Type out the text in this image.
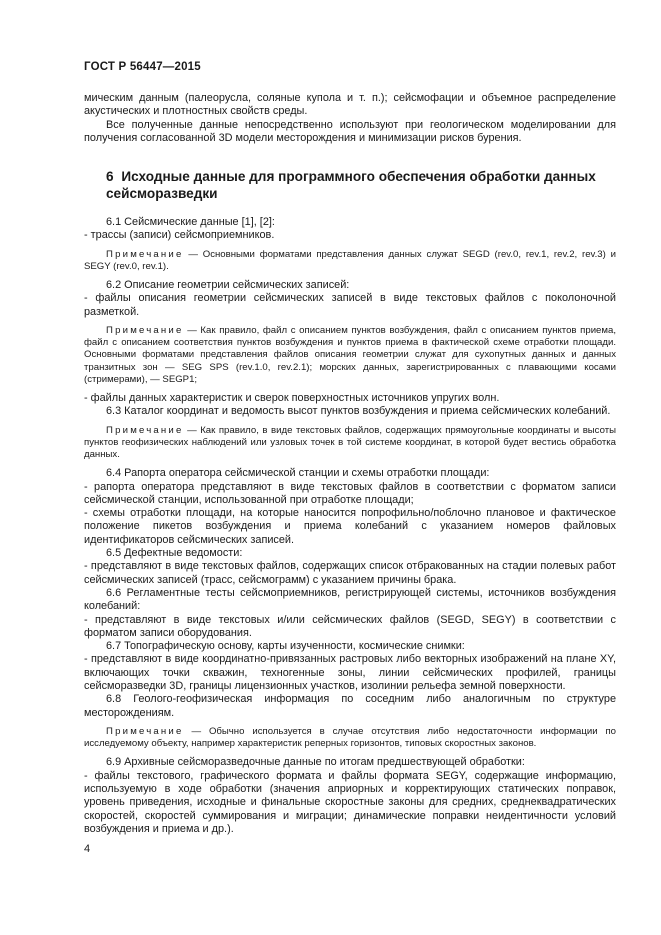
ГОСТ Р 56447—2015

мическим данным (палеорусла, соляные купола и т. п.); сейсмофации и объемное распределение акустических и плотностных свойств среды.

Все полученные данные непосредственно используют при геологическом моделировании для получения согласованной 3D модели месторождения и минимизации рисков бурения.

6 Исходные данные для программного обеспечения обработки данных сейсморазведки

6.1 Сейсмические данные [1], [2]:

- трассы (записи) сейсмоприемников.

Примечание — Основными форматами представления данных служат SEGD (rev.0, rev.1, rev.2, rev.3) и SEGY (rev.0, rev.1).

6.2 Описание геометрии сейсмических записей:

- файлы описания геометрии сейсмических записей в виде текстовых файлов с поколоночной разметкой.

Примечание — Как правило, файл с описанием пунктов возбуждения, файл с описанием пунктов приема, файл с описанием соответствия пунктов возбуждения и пунктов приема в фактической схеме отработки площади. Основными форматами представления файлов описания геометрии служат для сухопутных данных и данных транзитных зон — SEG SPS (rev.1.0, rev.2.1); морских данных, зарегистрированных с плавающими косами (стримерами), — SEGP1;

- файлы данных характеристик и сверок поверхностных источников упругих волн.

6.3 Каталог координат и ведомость высот пунктов возбуждения и приема сейсмических колебаний.

Примечание — Как правило, в виде текстовых файлов, содержащих прямоугольные координаты и высоты пунктов геофизических наблюдений или узловых точек в той системе координат, в которой будет вестись обработка данных.

6.4 Рапорта оператора сейсмической станции и схемы отработки площади:

- рапорта оператора представляют в виде текстовых файлов в соответствии с форматом записи сейсмической станции, использованной при отработке площади;

- схемы отработки площади, на которые наносится попрофильно/поблочно плановое и фактическое положение пикетов возбуждения и приема колебаний с указанием номеров файловых идентификаторов сейсмических записей.

6.5 Дефектные ведомости:

- представляют в виде текстовых файлов, содержащих список отбракованных на стадии полевых работ сейсмических записей (трасс, сейсмограмм) с указанием причины брака.

6.6 Регламентные тесты сейсмоприемников, регистрирующей системы, источников возбуждения колебаний:

- представляют в виде текстовых и/или сейсмических файлов (SEGD, SEGY) в соответствии с форматом записи оборудования.

6.7 Топографическую основу, карты изученности, космические снимки:

- представляют в виде координатно-привязанных растровых либо векторных изображений на плане XY, включающих точки скважин, техногенные зоны, линии сейсмических профилей, границы сейсморазведки 3D, границы лицензионных участков, изолинии рельефа земной поверхности.

6.8 Геолого-геофизическая информация по соседним либо аналогичным по структуре месторождениям.

Примечание — Обычно используется в случае отсутствия либо недостаточности информации по исследуемому объекту, например характеристик реперных горизонтов, типовых скоростных законов.

6.9 Архивные сейсморазведочные данные по итогам предшествующей обработки:

- файлы текстового, графического формата и файлы формата SEGY, содержащие информацию, используемую в ходе обработки (значения априорных и корректирующих статических поправок, уровень приведения, исходные и финальные скоростные законы для средних, среднеквадратических скоростей, скоростей суммирования и миграции; динамические поправки неидентичности условий возбуждения и приема и др.).

4
